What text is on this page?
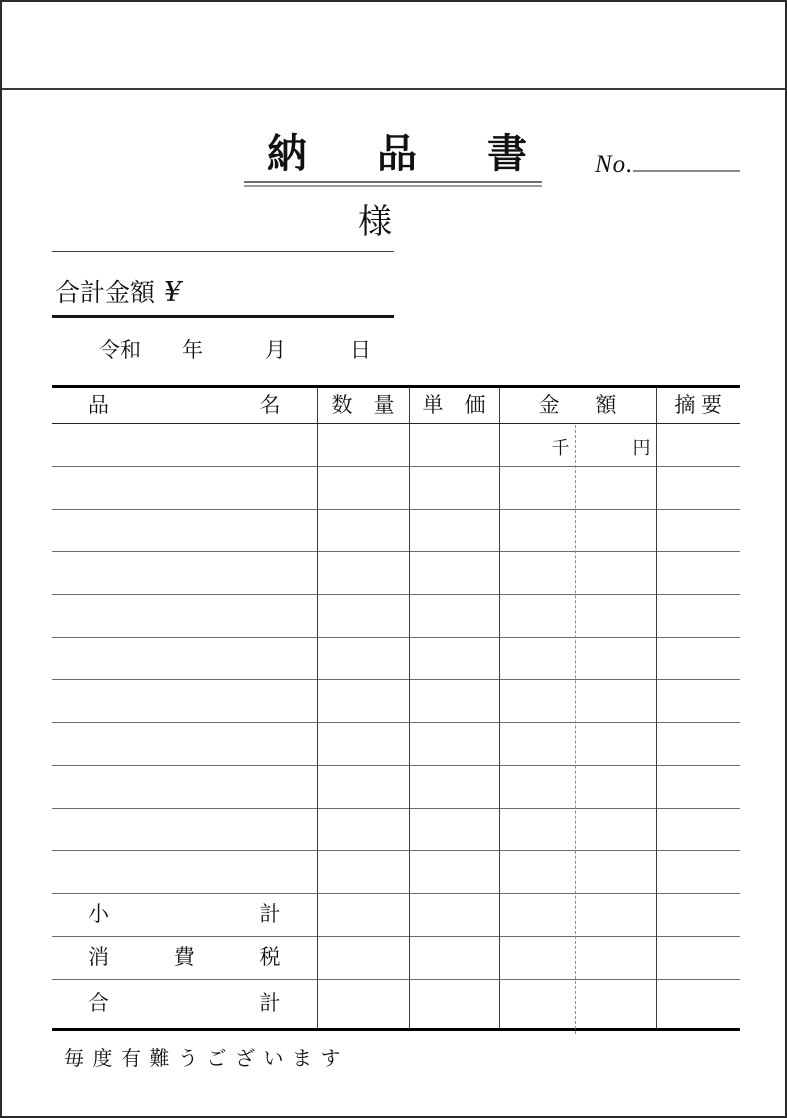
納品書
No.
様
合計金額 ¥
令和 年	月	日
品 名	数 量	単 価	金 額	摘 要

			千 円	

小 計				

消 費 税				

合 計				

毎度有難うございます
